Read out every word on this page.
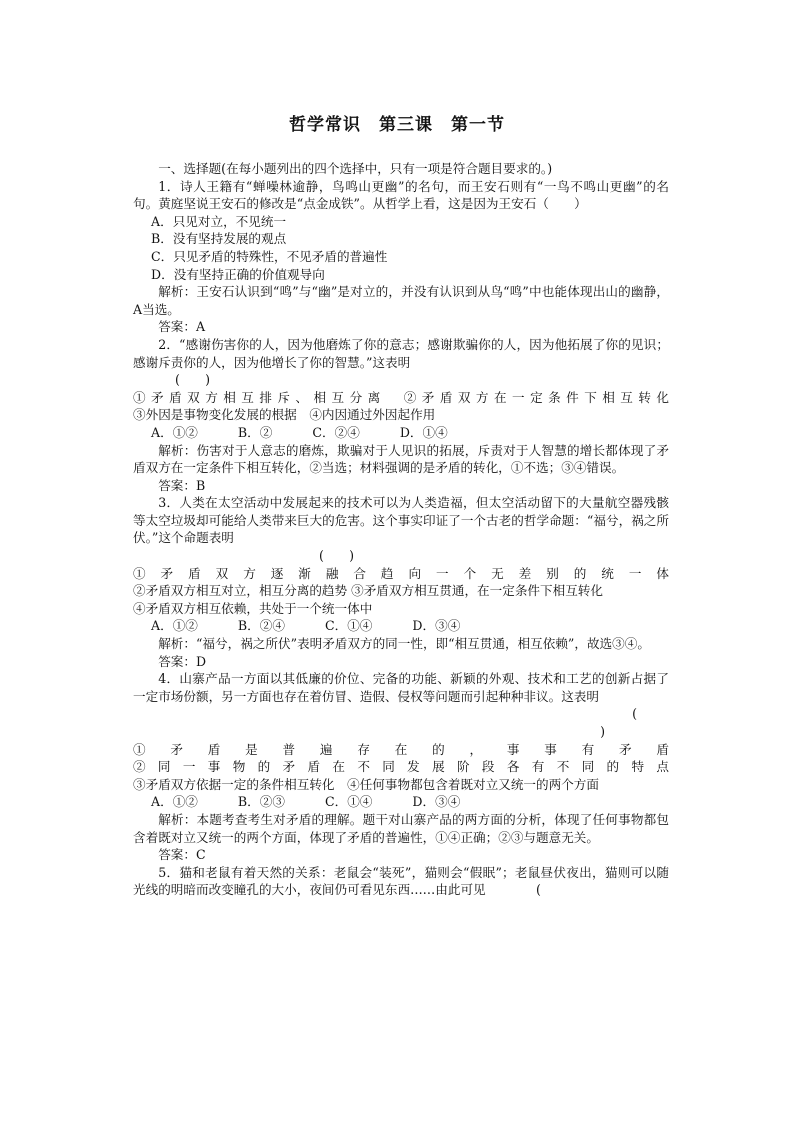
哲学常识　第三课　第一节

一、选择题(在每小题列出的四个选择中，只有一项是符合题目要求的。)

1．诗人王籍有“蝉噪林逾静，鸟鸣山更幽”的名句，而王安石则有“一鸟不鸣山更幽”的名句。黄庭坚说王安石的修改是“点金成铁”。从哲学上看，这是因为王安石（　　）

A．只见对立，不见统一

B．没有坚持发展的观点

C．只见矛盾的特殊性，不见矛盾的普遍性

D．没有坚持正确的价值观导向

解析：王安石认识到“鸣”与“幽”是对立的，并没有认识到从鸟“鸣”中也能体现出山的幽静，A当选。

答案：A

2．“感谢伤害你的人，因为他磨炼了你的意志；感谢欺骗你的人，因为他拓展了你的见识；感谢斥责你的人，因为他增长了你的智慧。”这表明

(　　)

①矛盾双方相互排斥、相互分离　②矛盾双方在一定条件下相互转化

③外因是事物变化发展的根据　④内因通过外因起作用

A．①②          B．②          C．②④          D．①④

解析：伤害对于人意志的磨炼，欺骗对于人见识的拓展，斥责对于人智慧的增长都体现了矛盾双方在一定条件下相互转化，②当选；材料强调的是矛盾的转化，①不选；③④错误。

答案：B

3．人类在太空活动中发展起来的技术可以为人类造福，但太空活动留下的大量航空器残骸等太空垃圾却可能给人类带来巨大的危害。这个事实印证了一个古老的哲学命题：“福兮，祸之所伏。”这个命题表明

(　　)

①矛盾双方逐渐融合趋向一个无差别的统一体

②矛盾双方相互对立，相互分离的趋势 ③矛盾双方相互贯通，在一定条件下相互转化

④矛盾双方相互依赖，共处于一个统一体中

A．①②          B．②④          C．①④          D．③④

解析：“福兮，祸之所伏”表明矛盾双方的同一性，即“相互贯通，相互依赖”，故选③④。

答案：D

4．山寨产品一方面以其低廉的价位、完备的功能、新颖的外观、技术和工艺的创新占据了一定市场份额，另一方面也存在着仿冒、造假、侵权等问题而引起种种非议。这表明

(

)

①矛盾是普遍存在的，事事有矛盾

②同一事物的矛盾在不同发展阶段各有不同的特点

③矛盾双方依据一定的条件相互转化　④任何事物都包含着既对立又统一的两个方面

A．①②          B．②③          C．①④          D．③④

解析：本题考查考生对矛盾的理解。题干对山寨产品的两方面的分析，体现了任何事物都包含着既对立又统一的两个方面，体现了矛盾的普遍性，①④正确；②③与题意无关。

答案：C

5．猫和老鼠有着天然的关系：老鼠会“装死”，猫则会“假眠”；老鼠昼伏夜出，猫则可以随光线的明暗而改变瞳孔的大小，夜间仍可看见东西……由此可见　　　　(
